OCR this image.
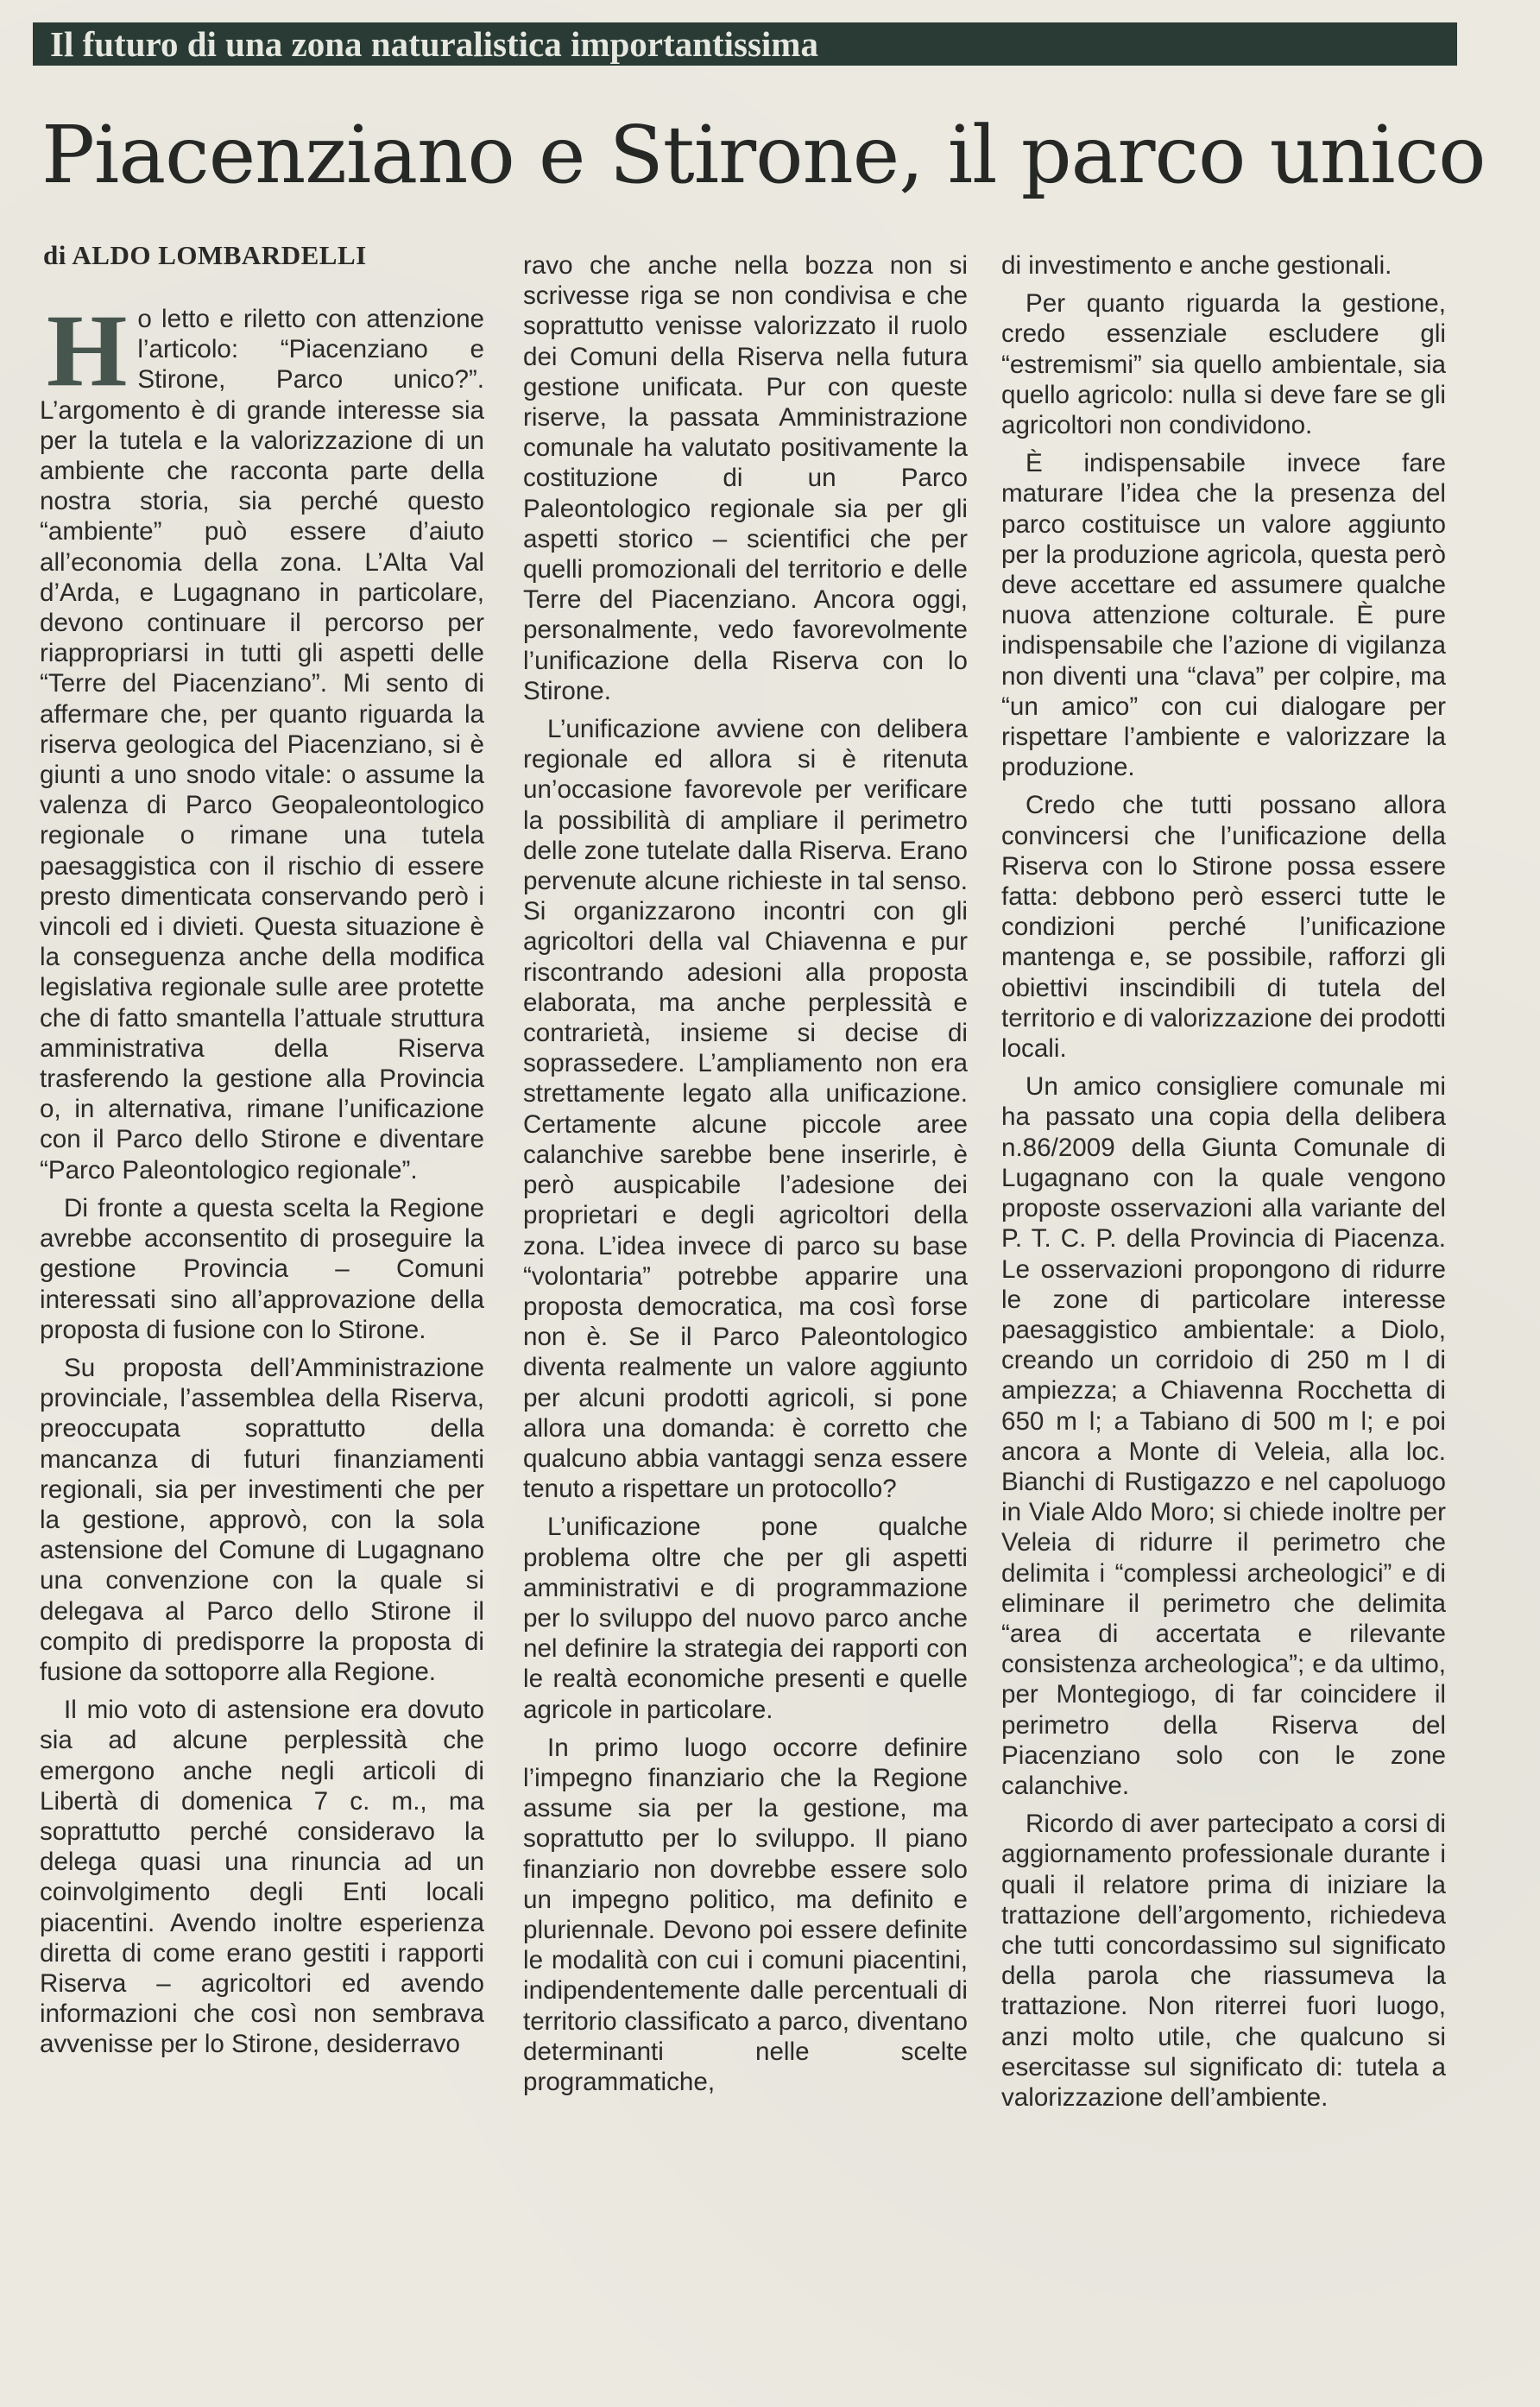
Il futuro di una zona naturalistica importantissima
Piacenziano e Stirone, il parco unico
di ALDO LOMBARDELLI
H o letto e riletto con attenzione l’articolo: “Piacenziano e Stirone, Parco unico?”. L’argomento è di grande interesse sia per la tutela e la valorizzazione di un ambiente che racconta parte della nostra storia, sia perché questo “ambiente” può essere d’aiuto all’economia della zona. L’Alta Val d’Arda, e Lugagnano in particolare, devono continuare il percorso per riappropriarsi in tutti gli aspetti delle “Terre del Piacenziano”. Mi sento di affermare che, per quanto riguarda la riserva geologica del Piacenziano, si è giunti a uno snodo vitale: o assume la valenza di Parco Geopaleontologico regionale o rimane una tutela paesaggistica con il rischio di essere presto dimenticata conservando però i vincoli ed i divieti. Questa situazione è la conseguenza anche della modifica legislativa regionale sulle aree protette che di fatto smantella l’attuale struttura amministrativa della Riserva trasferendo la gestione alla Provincia o, in alternativa, rimane l’unificazione con il Parco dello Stirone e diventare “Parco Paleontologico regionale”.

Di fronte a questa scelta la Regione avrebbe acconsentito di proseguire la gestione Provincia – Comuni interessati sino all’approvazione della proposta di fusione con lo Stirone.

Su proposta dell’Amministrazione provinciale, l’assemblea della Riserva, preoccupata soprattutto della mancanza di futuri finanziamenti regionali, sia per investimenti che per la gestione, approvò, con la sola astensione del Comune di Lugagnano una convenzione con la quale si delegava al Parco dello Stirone il compito di predisporre la proposta di fusione da sottoporre alla Regione.

Il mio voto di astensione era dovuto sia ad alcune perplessità che emergono anche negli articoli di Libertà di domenica 7 c. m., ma soprattutto perché consideravo la delega quasi una rinuncia ad un coinvolgimento degli Enti locali piacentini. Avendo inoltre esperienza diretta di come erano gestiti i rapporti Riserva – agricoltori ed avendo informazioni che così non sembrava avvenisse per lo Stirone, desiderravo

ravo che anche nella bozza non si scrivesse riga se non condivisa e che soprattutto venisse valorizzato il ruolo dei Comuni della Riserva nella futura gestione unificata. Pur con queste riserve, la passata Amministrazione comunale ha valutato positivamente la costituzione di un Parco Paleontologico regionale sia per gli aspetti storico – scientifici che per quelli promozionali del territorio e delle Terre del Piacenziano. Ancora oggi, personalmente, vedo favorevolmente l’unificazione della Riserva con lo Stirone.

L’unificazione avviene con delibera regionale ed allora si è ritenuta un’occasione favorevole per verificare la possibilità di ampliare il perimetro delle zone tutelate dalla Riserva. Erano pervenute alcune richieste in tal senso. Si organizzarono incontri con gli agricoltori della val Chiavenna e pur riscontrando adesioni alla proposta elaborata, ma anche perplessità e contrarietà, insieme si decise di soprassedere. L’ampliamento non era strettamente legato alla unificazione. Certamente alcune piccole aree calanchive sarebbe bene inserirle, è però auspicabile l’adesione dei proprietari e degli agricoltori della zona. L’idea invece di parco su base “volontaria” potrebbe apparire una proposta democratica, ma così forse non è. Se il Parco Paleontologico diventa realmente un valore aggiunto per alcuni prodotti agricoli, si pone allora una domanda: è corretto che qualcuno abbia vantaggi senza essere tenuto a rispettare un protocollo?

L’unificazione pone qualche problema oltre che per gli aspetti amministrativi e di programmazione per lo sviluppo del nuovo parco anche nel definire la strategia dei rapporti con le realtà economiche presenti e quelle agricole in particolare.

In primo luogo occorre definire l’impegno finanziario che la Regione assume sia per la gestione, ma soprattutto per lo sviluppo. Il piano finanziario non dovrebbe essere solo un impegno politico, ma definito e pluriennale. Devono poi essere definite le modalità con cui i comuni piacentini, indipendentemente dalle percentuali di territorio classificato a parco, diventano determinanti nelle scelte programmatiche,

di investimento e anche gestionali.

Per quanto riguarda la gestione, credo essenziale escludere gli “estremismi” sia quello ambientale, sia quello agricolo: nulla si deve fare se gli agricoltori non condividono.

È indispensabile invece fare maturare l’idea che la presenza del parco costituisce un valore aggiunto per la produzione agricola, questa però deve accettare ed assumere qualche nuova attenzione colturale. È pure indispensabile che l’azione di vigilanza non diventi una “clava” per colpire, ma “un amico” con cui dialogare per rispettare l’ambiente e valorizzare la produzione.

Credo che tutti possano allora convincersi che l’unificazione della Riserva con lo Stirone possa essere fatta: debbono però esserci tutte le condizioni perché l’unificazione mantenga e, se possibile, rafforzi gli obiettivi inscindibili di tutela del territorio e di valorizzazione dei prodotti locali.

Un amico consigliere comunale mi ha passato una copia della delibera n.86/2009 della Giunta Comunale di Lugagnano con la quale vengono proposte osservazioni alla variante del P. T. C. P. della Provincia di Piacenza. Le osservazioni propongono di ridurre le zone di particolare interesse paesaggistico ambientale: a Diolo, creando un corridoio di 250 m l di ampiezza; a Chiavenna Rocchetta di 650 m l; a Tabiano di 500 m l; e poi ancora a Monte di Veleia, alla loc. Bianchi di Rustigazzo e nel capoluogo in Viale Aldo Moro; si chiede inoltre per Veleia di ridurre il perimetro che delimita i “complessi archeologici” e di eliminare il perimetro che delimita “area di accertata e rilevante consistenza archeologica”; e da ultimo, per Montegiogo, di far coincidere il perimetro della Riserva del Piacenziano solo con le zone calanchive.

Ricordo di aver partecipato a corsi di aggiornamento professionale durante i quali il relatore prima di iniziare la trattazione dell’argomento, richiedeva che tutti concordassimo sul significato della parola che riassumeva la trattazione. Non riterrei fuori luogo, anzi molto utile, che qualcuno si esercitasse sul significato di: tutela a valorizzazione dell’ambiente.
